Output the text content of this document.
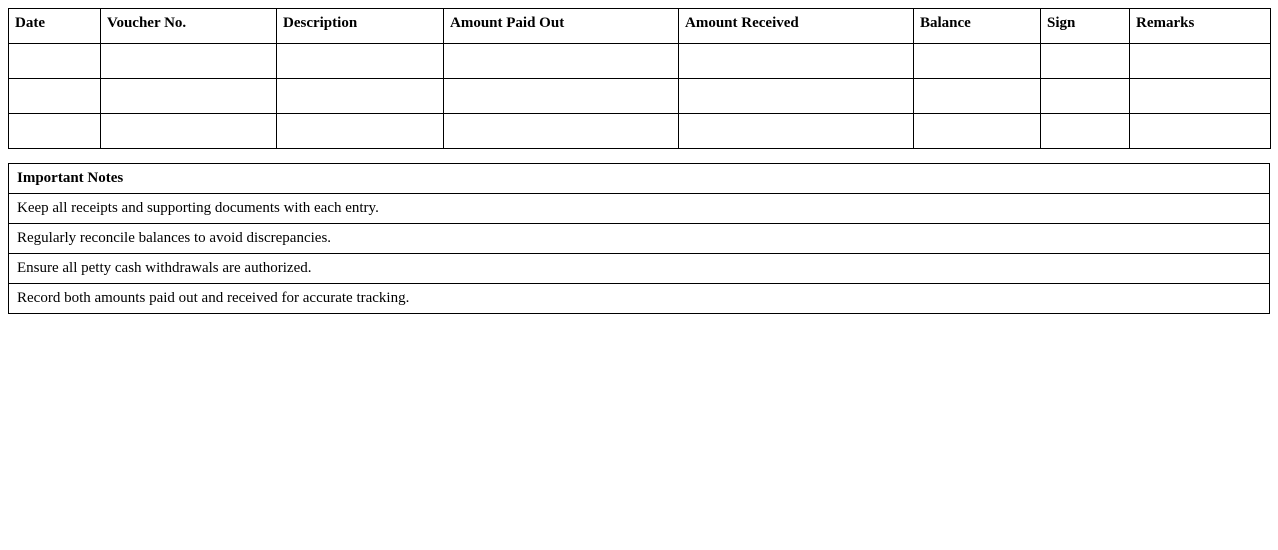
Date	Voucher No.	Description	Amount Paid Out	Amount Received	Balance	Sign	Remarks

Important Notes
Keep all receipts and supporting documents with each entry.
Regularly reconcile balances to avoid discrepancies.
Ensure all petty cash withdrawals are authorized.
Record both amounts paid out and received for accurate tracking.
